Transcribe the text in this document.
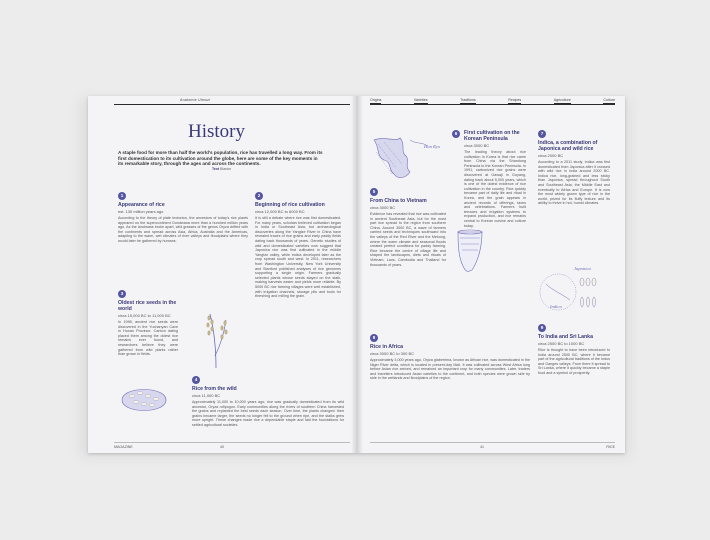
Anatomie Ulmuzi
History
A staple food for more than half the world's population, rice has travelled a long way. From its first domestication to its cultivation around the globe, here are some of the key moments in its remarkable story, through the ages and across the continents.
Text Blanke
1
Appearance of rice
est. 130 million years ago
According to the theory of plate tectonics, the ancestors of today's rice plants appeared on the supercontinent Gondwana more than a hundred million years ago. As the landmass broke apart, wild grasses of the genus Oryza drifted with the continents and spread across Asia, Africa, Australia and the Americas, adapting to the warm, wet climates of river valleys and floodplains where they would later be gathered by humans.
2
Beginning of rice cultivation
circa 12,000 BC to 6000 BC
It is still a debate where rice was first domesticated. For many years, scholars believed cultivation began in India or Southeast Asia, but archaeological discoveries along the Yangtze River in China have revealed traces of rice grains and early paddy fields dating back thousands of years. Genetic studies of wild and domesticated varieties now suggest that Japonica rice was first cultivated in the middle Yangtze valley, while Indica developed later as the crop spread south and west. In 2011, researchers from Washington University, New York University and Stanford published analyses of rice genomes supporting a single origin. Farmers gradually selected plants whose seeds stayed on the stalk, making harvests easier and yields more reliable. By 5000 BC rice farming villages were well established, with irrigation channels, storage pits and tools for threshing and milling the grain.
3
Oldest rice seeds in the world
circa 15,000 BC to 11,000 BC
In 1998, ancient rice seeds were discovered in the Yuchanyan Cave in Hunan Province. Carbon dating placed them among the oldest rice remains ever found, and researchers believe they were gathered from wild plants rather than grown in fields.
4
Rice from the wild
circa 11,000 BC
Approximately 11,000 to 10,000 years ago, rice was gradually domesticated from its wild ancestor, Oryza rufipogon. Early communities along the rivers of southern China harvested the grains and replanted the best seeds each season. Over time, the plants changed: their grains became larger, the seeds no longer fell to the ground when ripe, and the stalks grew more upright. These changes made rice a dependable staple and laid the foundations for settled agricultural societies.
MAGAZINE	40
Origins	Varieties	Traditions	Recipes	Agriculture	Culture
Han Ryo
5
From China to Vietnam
circa 3000 BC
Evidence has revealed that rice was cultivated in ancient Southeast Asia, but for the most part rice spread to the region from southern China. Around 3000 BC, a wave of farmers carried seeds and techniques southward into the valleys of the Red River and the Mekong, where the warm climate and seasonal floods created perfect conditions for paddy farming. Rice became the centre of village life and shaped the landscapes, diets and rituals of Vietnam, Laos, Cambodia and Thailand for thousands of years.
6	First cultivation on the Korean Peninsula
circa 3000 BC
The leading theory about rice cultivation in Korea is that rice came from China via the Shandong Peninsula to the Korean Peninsula. In 1991, carbonized rice grains were discovered at Gawaji in Goyang, dating back about 5,000 years, which is one of the oldest evidence of rice cultivation in the country. Rice quickly became part of daily life and ritual in Korea, and the grain appears in ancient records of offerings, taxes and celebrations. Farmers built terraces and irrigation systems to expand production, and rice remains central to Korean cuisine and culture today.
7
Indica, a combination of Japonica and wild rice
circa 2000 BC
According to a 2011 study, Indica was first domesticated from Japonica after it crossed with wild rice in India around 2000 BC. Indica rice, long-grained and less sticky than Japonica, spread throughout South and Southeast Asia, the Middle East and eventually to Africa and Europe. It is now the most widely grown type of rice in the world, prized for its fluffy texture and its ability to thrive in hot, humid climates.
Japonica
Indica
8
Rice in Africa
circa 3000 BC to 300 BC
Approximately 3,000 years ago, Oryza glaberrima, known as African rice, was domesticated in the Niger River delta, which is located in present-day Mali. It was cultivated across West Africa long before Asian rice arrived, and remained an important crop for many communities. Later, traders and travellers introduced Asian varieties to the continent, and both species were grown side by side in the wetlands and floodplains of the region.
9
To India and Sri Lanka
circa 2500 BC to 1000 BC
Rice is thought to have been introduced to India around 2500 BC, where it became part of the agricultural traditions of the Indus and Ganges valleys. From there it spread to Sri Lanka, where it quickly became a staple food and a symbol of prosperity.
41	RICE
